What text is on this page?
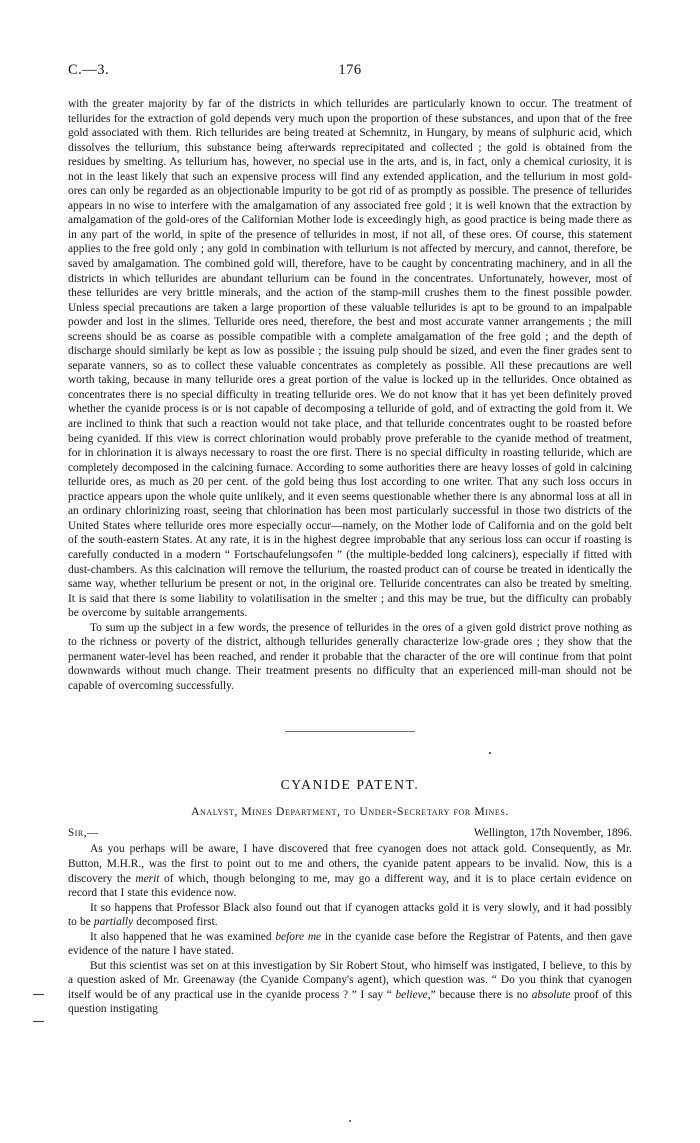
C.—3.	176

with the greater majority by far of the districts in which tellurides are particularly known to occur. The treatment of tellurides for the extraction of gold depends very much upon the proportion of these substances, and upon that of the free gold associated with them. Rich tellurides are being treated at Schemnitz, in Hungary, by means of sulphuric acid, which dissolves the tellurium, this substance being afterwards reprecipitated and collected ; the gold is obtained from the residues by smelting. As tellurium has, however, no special use in the arts, and is, in fact, only a chemical curiosity, it is not in the least likely that such an expensive process will find any extended application, and the tellurium in most gold-ores can only be regarded as an objectionable impurity to be got rid of as promptly as possible. The presence of tellurides appears in no wise to interfere with the amalgamation of any associated free gold ; it is well known that the extraction by amalgamation of the gold-ores of the Californian Mother lode is exceedingly high, as good practice is being made there as in any part of the world, in spite of the presence of tellurides in most, if not all, of these ores. Of course, this statement applies to the free gold only ; any gold in combination with tellurium is not affected by mercury, and cannot, therefore, be saved by amalgamation. The combined gold will, therefore, have to be caught by concentrating machinery, and in all the districts in which tellurides are abundant tellurium can be found in the concentrates. Unfortunately, however, most of these tellurides are very brittle minerals, and the action of the stamp-mill crushes them to the finest possible powder. Unless special precautions are taken a large proportion of these valuable tellurides is apt to be ground to an impalpable powder and lost in the slimes. Telluride ores need, therefore, the best and most accurate vanner arrangements ; the mill screens should be as coarse as possible compatible with a complete amalgamation of the free gold ; and the depth of discharge should similarly be kept as low as possible ; the issuing pulp should be sized, and even the finer grades sent to separate vanners, so as to collect these valuable concentrates as completely as possible. All these precautions are well worth taking, because in many telluride ores a great portion of the value is locked up in the tellurides. Once obtained as concentrates there is no special difficulty in treating telluride ores. We do not know that it has yet been definitely proved whether the cyanide process is or is not capable of decomposing a telluride of gold, and of extracting the gold from it. We are inclined to think that such a reaction would not take place, and that telluride concentrates ought to be roasted before being cyanided. If this view is correct chlorination would probably prove preferable to the cyanide method of treatment, for in chlorination it is always necessary to roast the ore first. There is no special difficulty in roasting telluride, which are completely decomposed in the calcining furnace. According to some authorities there are heavy losses of gold in calcining telluride ores, as much as 20 per cent. of the gold being thus lost according to one writer. That any such loss occurs in practice appears upon the whole quite unlikely, and it even seems questionable whether there is any abnormal loss at all in an ordinary chlorinizing roast, seeing that chlorination has been most particularly successful in those two districts of the United States where telluride ores more especially occur—namely, on the Mother lode of California and on the gold belt of the south-eastern States. At any rate, it is in the highest degree improbable that any serious loss can occur if roasting is carefully conducted in a modern “ Fortschaufelungsofen ” (the multiple-bedded long calciners), especially if fitted with dust-chambers. As this calcination will remove the tellurium, the roasted product can of course be treated in identically the same way, whether tellurium be present or not, in the original ore. Telluride concentrates can also be treated by smelting. It is said that there is some liability to volatilisation in the smelter ; and this may be true, but the difficulty can probably be overcome by suitable arrangements.

To sum up the subject in a few words, the presence of tellurides in the ores of a given gold district prove nothing as to the richness or poverty of the district, although tellurides generally characterize low-grade ores ; they show that the permanent water-level has been reached, and render it probable that the character of the ore will continue from that point downwards without much change. Their treatment presents no difficulty that an experienced mill-man should not be capable of overcoming successfully.

CYANIDE PATENT.
Analyst, Mines Department, to Under-Secretary for Mines.
Sir,—	Wellington, 17th November, 1896.

As you perhaps will be aware, I have discovered that free cyanogen does not attack gold. Consequently, as Mr. Button, M.H.R., was the first to point out to me and others, the cyanide patent appears to be invalid. Now, this is a discovery the merit of which, though belonging to me, may go a different way, and it is to place certain evidence on record that I state this evidence now.

It so happens that Professor Black also found out that if cyanogen attacks gold it is very slowly, and it had possibly to be partially decomposed first.

It also happened that he was examined before me in the cyanide case before the Registrar of Patents, and then gave evidence of the nature I have stated.

But this scientist was set on at this investigation by Sir Robert Stout, who himself was instigated, I believe, to this by a question asked of Mr. Greenaway (the Cyanide Company's agent), which question was. “ Do you think that cyanogen itself would be of any practical use in the cyanide process ? ” I say “ believe,” because there is no absolute proof of this question instigating
